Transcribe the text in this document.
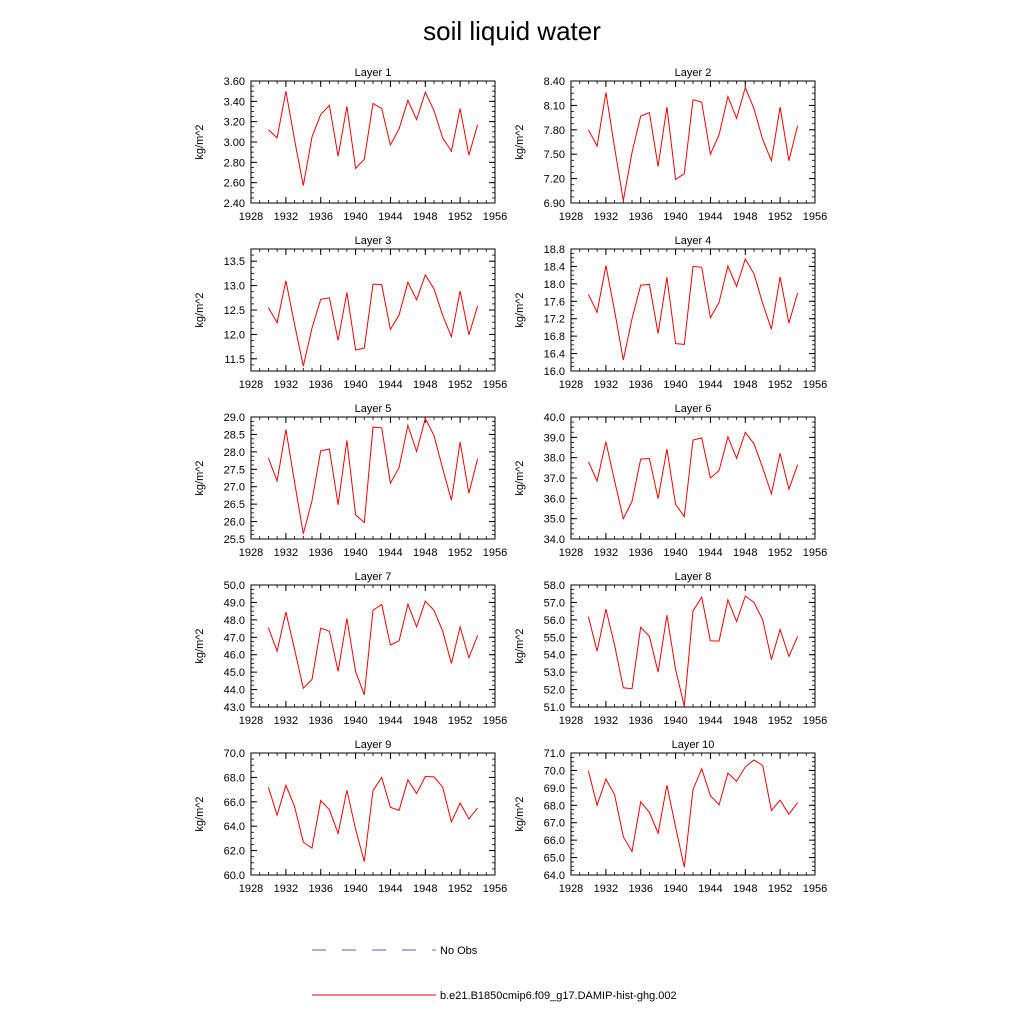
soil liquid water
Layer 1
1928 1932 1936 1940 1944 1948 1952 1956
2.40
2.60
2.80
3.00
3.20
3.40
3.60
kg/m^2
Layer 2
1928 1932 1936 1940 1944 1948 1952 1956
6.90
7.20
7.50
7.80
8.10
8.40
kg/m^2
Layer 3
1928 1932 1936 1940 1944 1948 1952 1956
11.5
12.0
12.5
13.0
13.5
kg/m^2
Layer 4
1928 1932 1936 1940 1944 1948 1952 1956
16.0
16.4
16.8
17.2
17.6
18.0
18.4
18.8
kg/m^2
Layer 5
1928 1932 1936 1940 1944 1948 1952 1956
25.5
26.0
26.5
27.0
27.5
28.0
28.5
29.0
kg/m^2
Layer 6
1928 1932 1936 1940 1944 1948 1952 1956
34.0
35.0
36.0
37.0
38.0
39.0
40.0
kg/m^2
Layer 7
1928 1932 1936 1940 1944 1948 1952 1956
43.0
44.0
45.0
46.0
47.0
48.0
49.0
50.0
kg/m^2
Layer 8
1928 1932 1936 1940 1944 1948 1952 1956
51.0
52.0
53.0
54.0
55.0
56.0
57.0
58.0
kg/m^2
Layer 9
1928 1932 1936 1940 1944 1948 1952 1956
60.0
62.0
64.0
66.0
68.0
70.0
kg/m^2
Layer 10
1928 1932 1936 1940 1944 1948 1952 1956
64.0
65.0
66.0
67.0
68.0
69.0
70.0
71.0
kg/m^2
No Obs
b.e21.B1850cmip6.f09_g17.DAMIP-hist-ghg.002
